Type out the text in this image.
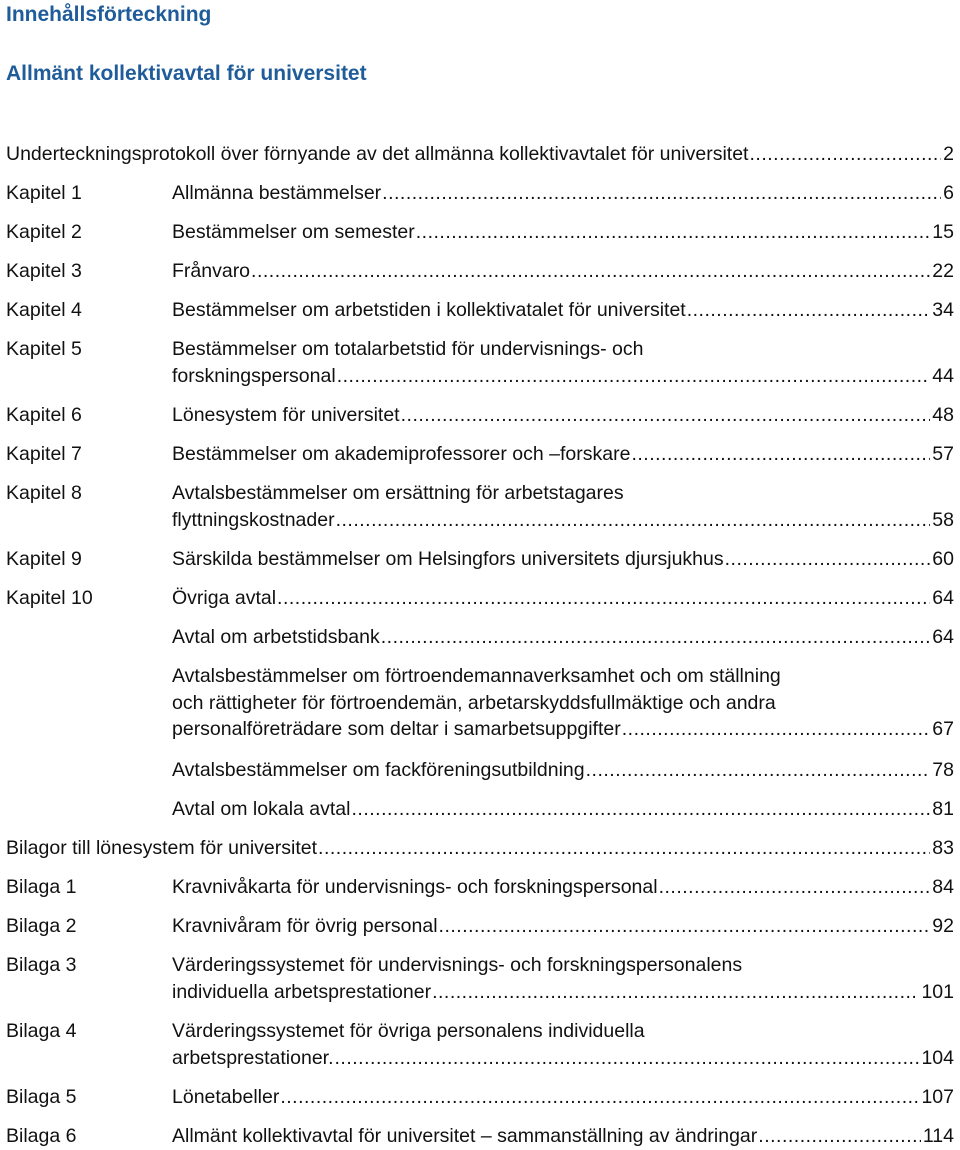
Innehållsförteckning
Allmänt kollektivavtal för universitet
Underteckningsprotokoll över förnyande av det allmänna kollektivavtalet för universitet .....	2
Kapitel 1	Allmänna bestämmelser .....	6
Kapitel 2	Bestämmelser om semester .....	15
Kapitel 3	Frånvaro .....	22
Kapitel 4	Bestämmelser om arbetstiden i kollektivatalet för universitet .....	34
Kapitel 5	Bestämmelser om totalarbetstid för undervisnings- och
forskningspersonal .....	44
Kapitel 6	Lönesystem för universitet .....	48
Kapitel 7	Bestämmelser om akademiprofessorer och –forskare .....	57
Kapitel 8	Avtalsbestämmelser om ersättning för arbetstagares
flyttningskostnader .....	58
Kapitel 9	Särskilda bestämmelser om Helsingfors universitets djursjukhus .....	60
Kapitel 10	Övriga avtal .....	64
Avtal om arbetstidsbank .....	64
Avtalsbestämmelser om förtroendemannaverksamhet och om ställning
och rättigheter för förtroendemän, arbetarskyddsfullmäktige och andra
personalföreträdare som deltar i samarbetsuppgifter .....	67
Avtalsbestämmelser om fackföreningsutbildning .....	78
Avtal om lokala avtal .....	81
Bilagor till lönesystem för universitet .....	83
Bilaga 1	Kravnivåkarta för undervisnings- och forskningspersonal .....	84
Bilaga 2	Kravnivåram för övrig personal .....	92
Bilaga 3	Värderingssystemet för undervisnings- och forskningspersonalens
individuella arbetsprestationer .....	101
Bilaga 4	Värderingssystemet för övriga personalens individuella
arbetsprestationer. .....	104
Bilaga 5	Lönetabeller .....	107
Bilaga 6	Allmänt kollektivavtal för universitet – sammanställning av ändringar .....	114
